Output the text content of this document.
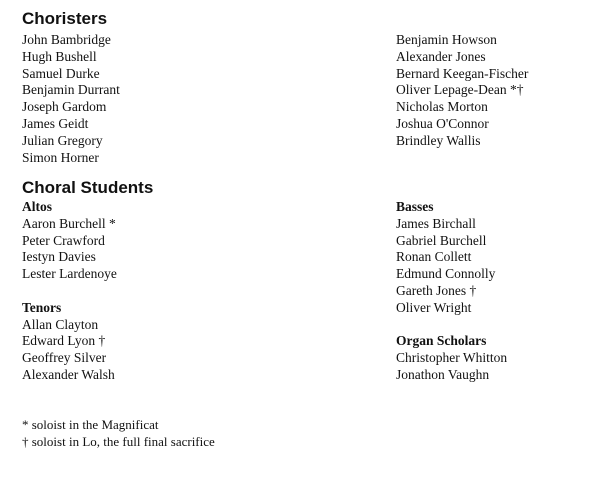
Choristers
John Bambridge
Hugh Bushell
Samuel Durke
Benjamin Durrant
Joseph Gardom
James Geidt
Julian Gregory
Simon Horner
Benjamin Howson
Alexander Jones
Bernard Keegan-Fischer
Oliver Lepage-Dean *†
Nicholas Morton
Joshua O'Connor
Brindley Wallis
Choral Students
Altos
Aaron Burchell *
Peter Crawford
Iestyn Davies
Lester Lardenoye
Tenors
Allan Clayton
Edward Lyon †
Geoffrey Silver
Alexander Walsh
Basses
James Birchall
Gabriel Burchell
Ronan Collett
Edmund Connolly
Gareth Jones †
Oliver Wright
Organ Scholars
Christopher Whitton
Jonathon Vaughn
* soloist in the Magnificat
† soloist in Lo, the full final sacrifice
